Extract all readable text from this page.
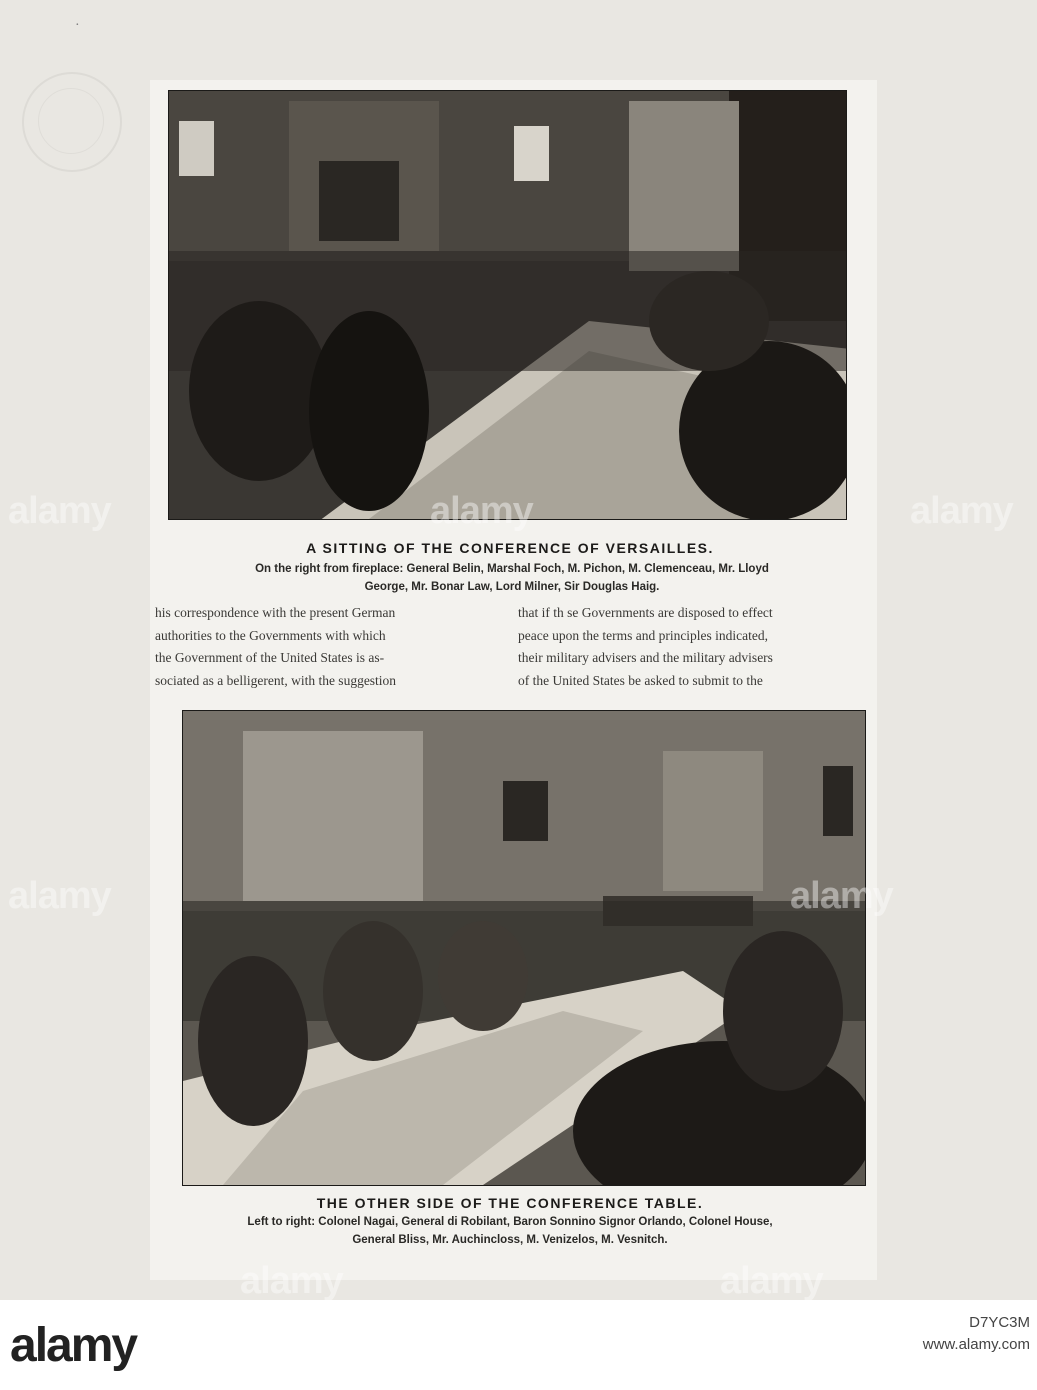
·
A SITTING OF THE CONFERENCE OF VERSAILLES.
On the right from fireplace: General Belin, Marshal Foch, M. Pichon, M. Clemenceau, Mr. Lloyd
George, Mr. Bonar Law, Lord Milner, Sir Douglas Haig.
his correspondence with the present German
authorities to the Governments with which
the Government of the United States is as-
sociated as a belligerent, with the suggestion
that if th se Governments are disposed to effect
peace upon the terms and principles indicated,
their military advisers and the military advisers
of the United States be asked to submit to the
THE OTHER SIDE OF THE CONFERENCE TABLE.
Left to right: Colonel Nagai, General di Robilant, Baron Sonnino Signor Orlando, Colonel House,
General Bliss, Mr. Auchincloss, M. Venizelos, M. Vesnitch.
alamy	alamy	alamy
alamy	alamy
alamy	alamy
alamy	D7YC3M
www.alamy.com
